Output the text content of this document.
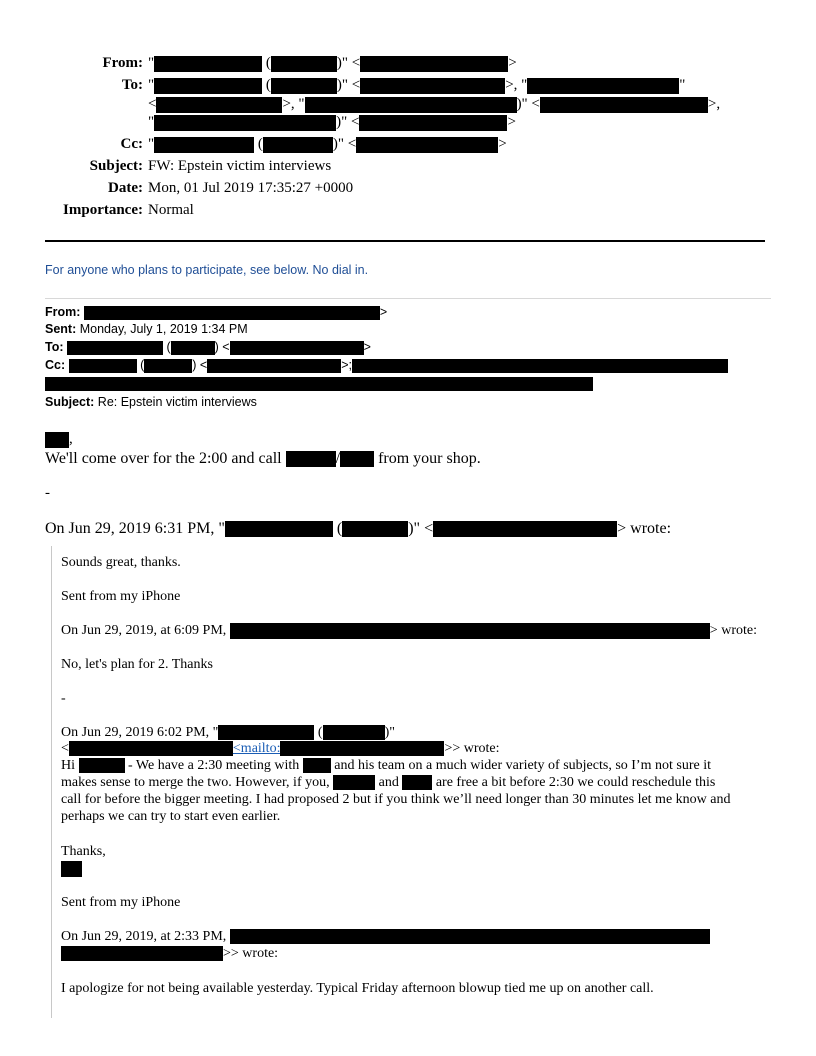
From: "	(	)" <	>
To: "	(	)" <	>, "	"
<	>, "	)" <	>,
"	)" <	>
Cc: "	(	)" <	>
Subject: FW: Epstein victim interviews
Date: Mon, 01 Jul 2019 17:35:27 +0000
Importance: Normal
For anyone who plans to participate, see below. No dial in.
From:	>
Sent: Monday, July 1, 2019 1:34 PM
To:	(	) <	>
Cc:	(	) <	>;
Subject: Re: Epstein victim interviews
,
We'll come over for the 2:00 and call	/ from your shop.
-
On Jun 29, 2019 6:31 PM, "	(	)" <	> wrote:
Sounds great, thanks.
Sent from my iPhone
On Jun 29, 2019, at 6:09 PM,	> wrote:
No, let's plan for 2. Thanks
-
On Jun 29, 2019 6:02 PM, "	(	)"
<	<mailto:	>> wrote:
Hi	- We have a 2:30 meeting with	and his team on a much wider variety of subjects, so I’m not sure it
makes sense to merge the two. However, if you,	and	are free a bit before 2:30 we could reschedule this
call for before the bigger meeting. I had proposed 2 but if you think we’ll need longer than 30 minutes let me know and
perhaps we can try to start even earlier.
Thanks,
Sent from my iPhone
On Jun 29, 2019, at 2:33 PM,
>> wrote:
I apologize for not being available yesterday. Typical Friday afternoon blowup tied me up on another call.
